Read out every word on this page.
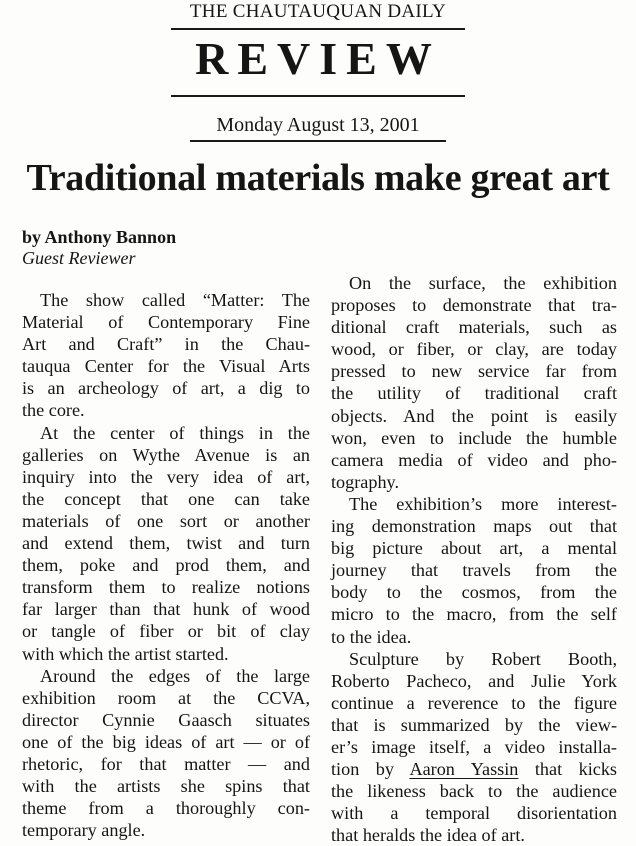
THE CHAUTAUQUAN DAILY
REVIEW
Monday August 13, 2001
Traditional materials make great art
by Anthony Bannon
Guest Reviewer
The show called “Matter: The
Material of Contemporary Fine
Art and Craft” in the Chau-
tauqua Center for the Visual Arts
is an archeology of art, a dig to
the core.
At the center of things in the
galleries on Wythe Avenue is an
inquiry into the very idea of art,
the concept that one can take
materials of one sort or another
and extend them, twist and turn
them, poke and prod them, and
transform them to realize notions
far larger than that hunk of wood
or tangle of fiber or bit of clay
with which the artist started.
Around the edges of the large
exhibition room at the CCVA,
director Cynnie Gaasch situates
one of the big ideas of art — or of
rhetoric, for that matter — and
with the artists she spins that
theme from a thoroughly con-
temporary angle.
On the surface, the exhibition
proposes to demonstrate that tra-
ditional craft materials, such as
wood, or fiber, or clay, are today
pressed to new service far from
the utility of traditional craft
objects. And the point is easily
won, even to include the humble
camera media of video and pho-
tography.
The exhibition’s more interest-
ing demonstration maps out that
big picture about art, a mental
journey that travels from the
body to the cosmos, from the
micro to the macro, from the self
to the idea.
Sculpture by Robert Booth,
Roberto Pacheco, and Julie York
continue a reverence to the figure
that is summarized by the view-
er’s image itself, a video installa-
tion by Aaron Yassin that kicks
the likeness back to the audience
with a temporal disorientation
that heralds the idea of art.
